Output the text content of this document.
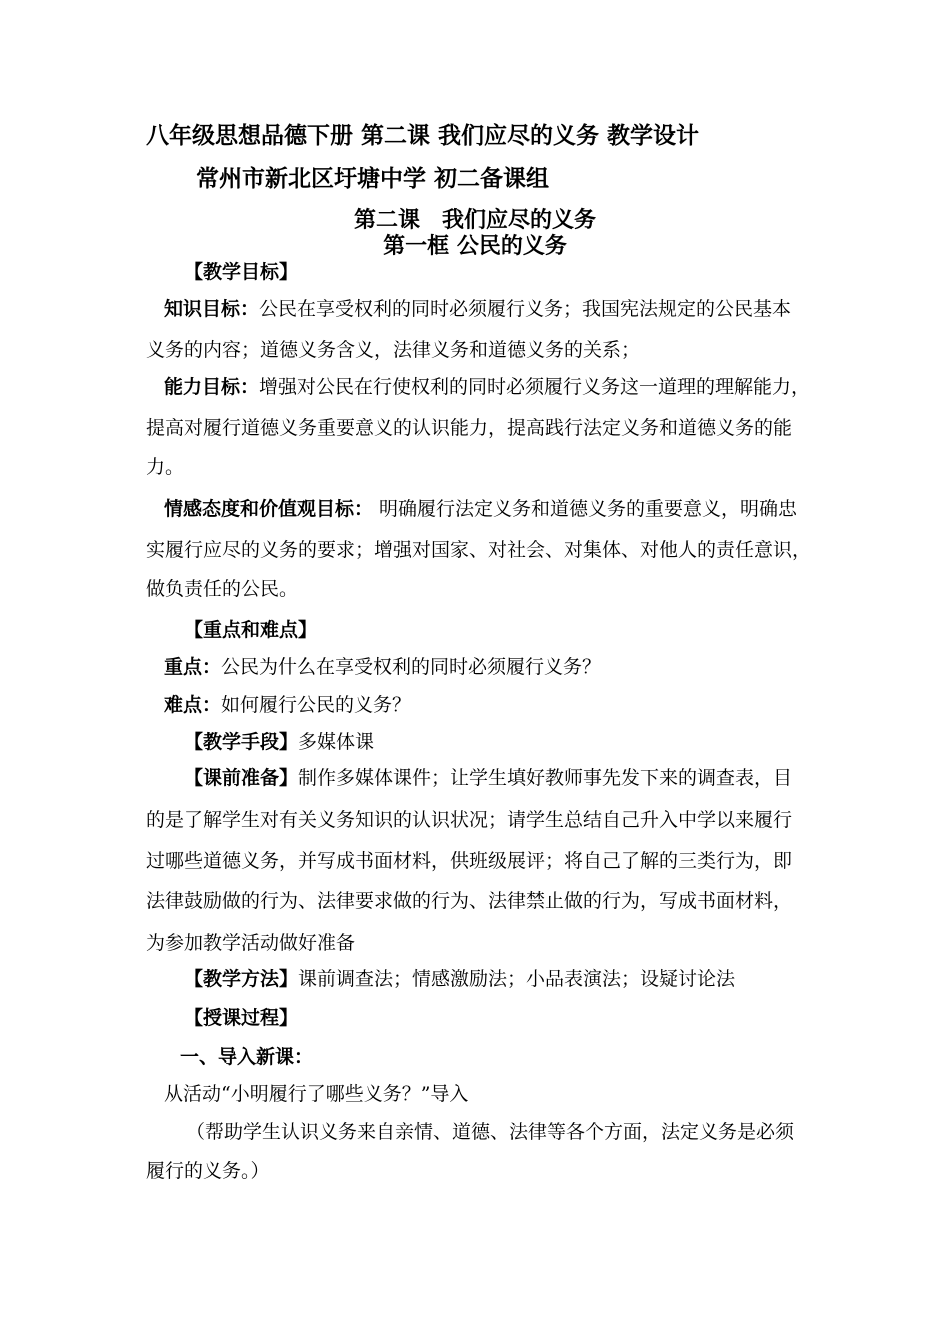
八年级思想品德下册 第二课 我们应尽的义务 教学设计
常州市新北区圩塘中学 初二备课组
第二课　我们应尽的义务
第一框 公民的义务
【教学目标】
知识目标：公民在享受权利的同时必须履行义务；我国宪法规定的公民基本
义务的内容；道德义务含义，法律义务和道德义务的关系；
能力目标：增强对公民在行使权利的同时必须履行义务这一道理的理解能力，
提高对履行道德义务重要意义的认识能力，提高践行法定义务和道德义务的能
力。
情感态度和价值观目标： 明确履行法定义务和道德义务的重要意义，明确忠
实履行应尽的义务的要求；增强对国家、对社会、对集体、对他人的责任意识，
做负责任的公民。
【重点和难点】
重点：公民为什么在享受权利的同时必须履行义务？
难点：如何履行公民的义务？
【教学手段】多媒体课
【课前准备】制作多媒体课件；让学生填好教师事先发下来的调查表，目
的是了解学生对有关义务知识的认识状况；请学生总结自己升入中学以来履行
过哪些道德义务，并写成书面材料，供班级展评；将自己了解的三类行为，即
法律鼓励做的行为、法律要求做的行为、法律禁止做的行为，写成书面材料，
为参加教学活动做好准备
【教学方法】课前调查法；情感激励法；小品表演法；设疑讨论法
【授课过程】
一、导入新课：
从活动“小明履行了哪些义务？”导入
（帮助学生认识义务来自亲情、道德、法律等各个方面，法定义务是必须
履行的义务。）
